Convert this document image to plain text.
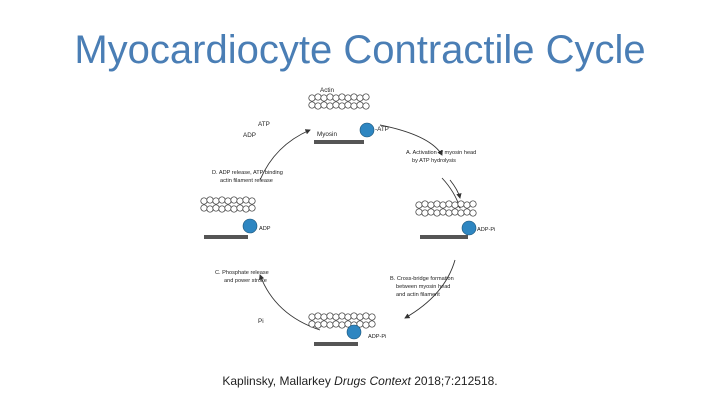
Myocardiocyte Contractile Cycle
Actin
Myosin
-ATP
ATP
ADP
A. Activation of myosin head
by ATP hydrolysis
ADP-Pi
B. Cross-bridge formation
between myosin head
and actin filament
ADP-Pi
Pi
C. Phosphate release
and power stroke
ADP
D. ADP release, ATP binding
actin filament release
Kaplinsky, Mallarkey Drugs Context 2018;7:212518.
